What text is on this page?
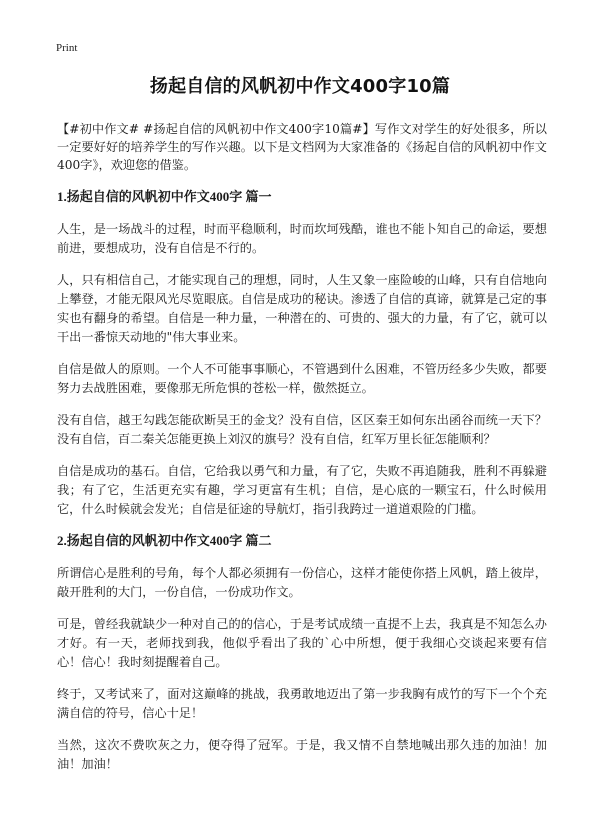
Print
扬起自信的风帆初中作文400字10篇

【#初中作文# #扬起自信的风帆初中作文400字10篇#】写作文对学生的好处很多，所以一定要好好的培养学生的写作兴趣。以下是文档网为大家准备的《扬起自信的风帆初中作文400字》，欢迎您的借鉴。

1.扬起自信的风帆初中作文400字 篇一

人生，是一场战斗的过程，时而平稳顺利，时而坎坷残酷，谁也不能卜知自己的命运，要想前进，要想成功，没有自信是不行的。

人，只有相信自己，才能实现自己的理想，同时，人生又象一座险峻的山峰，只有自信地向上攀登，才能无限风光尽览眼底。自信是成功的秘诀。渗透了自信的真谛，就算是己定的事实也有翻身的希望。自信是一种力量，一种潜在的、可贵的、强大的力量，有了它，就可以干出一番惊天动地的"伟大事业来。

自信是做人的原则。一个人不可能事事顺心，不管遇到什么困难，不管历经多少失败，都要努力去战胜困难，要像那无所危惧的苍松一样，傲然挺立。

没有自信，越王勾践怎能砍断吴王的金戈？没有自信，区区秦王如何东出函谷而统一天下？没有自信，百二秦关怎能更换上刘汉的旗号？没有自信，红军万里长征怎能顺利？

自信是成功的基石。自信，它给我以勇气和力量，有了它，失败不再追随我，胜利不再躲避我；有了它，生活更充实有趣，学习更富有生机；自信，是心底的一颗宝石，什么时候用它，什么时候就会发光；自信是征途的导航灯，指引我跨过一道道艰险的门槛。

2.扬起自信的风帆初中作文400字 篇二

所谓信心是胜利的号角，每个人都必须拥有一份信心，这样才能使你搭上风帆，踏上彼岸，敲开胜利的大门，一份自信，一份成功作文。

可是，曾经我就缺少一种对自己的的信心，于是考试成绩一直提不上去，我真是不知怎么办才好。有一天，老师找到我，他似乎看出了我的`心中所想，便于我细心交谈起来要有信心！信心！我时刻提醒着自己。

终于，又考试来了，面对这巅峰的挑战，我勇敢地迈出了第一步我胸有成竹的写下一个个充满自信的符号，信心十足！

当然，这次不费吹灰之力，便夺得了冠军。于是，我又情不自禁地喊出那久违的加油！加油！加油！
